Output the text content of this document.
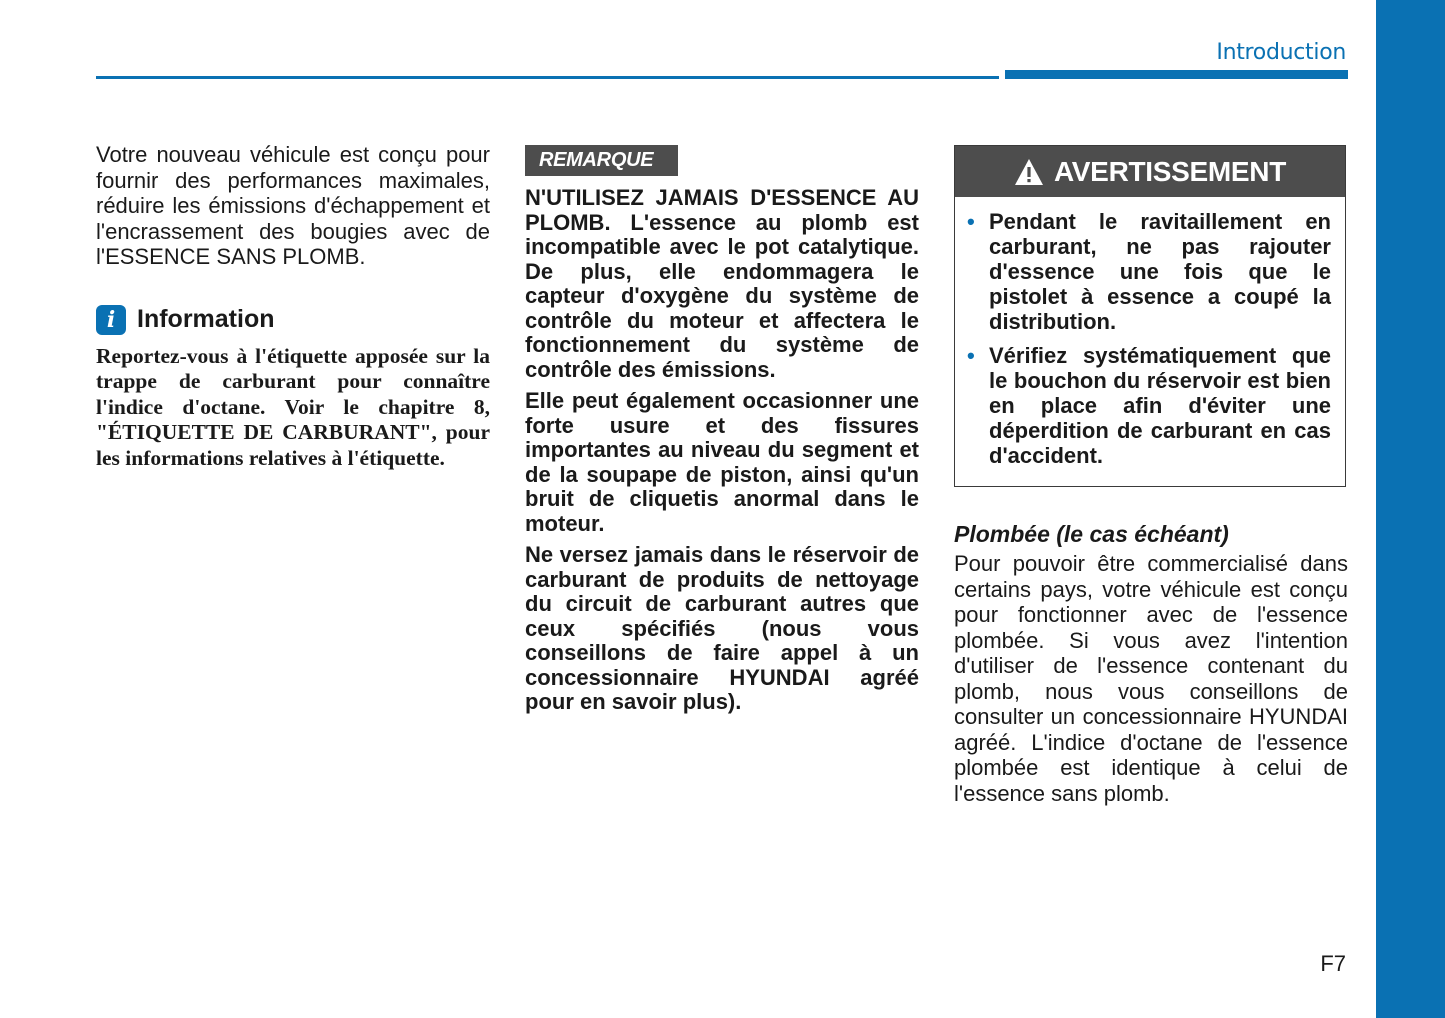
Introduction

Votre nouveau véhicule est conçu pour fournir des performances maximales, réduire les émissions d'échappement et l'encrassement des bougies avec de l'ESSENCE SANS PLOMB.

i Information

Reportez-vous à l'étiquette apposée sur la trappe de carburant pour connaître l'indice d'octane. Voir le chapitre 8, "ÉTIQUETTE DE CARBURANT", pour les informations relatives à l'étiquette.

REMARQUE

N'UTILISEZ JAMAIS D'ESSENCE AU PLOMB. L'essence au plomb est incompatible avec le pot catalytique. De plus, elle endommagera le capteur d'oxygène du système de contrôle du moteur et affectera le fonctionnement du système de contrôle des émissions.

Elle peut également occasionner une forte usure et des fissures importantes au niveau du segment et de la soupape de piston, ainsi qu'un bruit de cliquetis anormal dans le moteur.

Ne versez jamais dans le réservoir de carburant de produits de nettoyage du circuit de carburant autres que ceux spécifiés (nous vous conseillons de faire appel à un concessionnaire HYUNDAI agréé pour en savoir plus).

AVERTISSEMENT
• Pendant le ravitaillement en carburant, ne pas rajouter d'essence une fois que le pistolet à essence a coupé la distribution.
• Vérifiez systématiquement que le bouchon du réservoir est bien en place afin d'éviter une déperdition de carburant en cas d'accident.

Plombée (le cas échéant)

Pour pouvoir être commercialisé dans certains pays, votre véhicule est conçu pour fonctionner avec de l'essence plombée. Si vous avez l'intention d'utiliser de l'essence contenant du plomb, nous vous conseillons de consulter un concessionnaire HYUNDAI agréé. L'indice d'octane de l'essence plombée est identique à celui de l'essence sans plomb.

F7
